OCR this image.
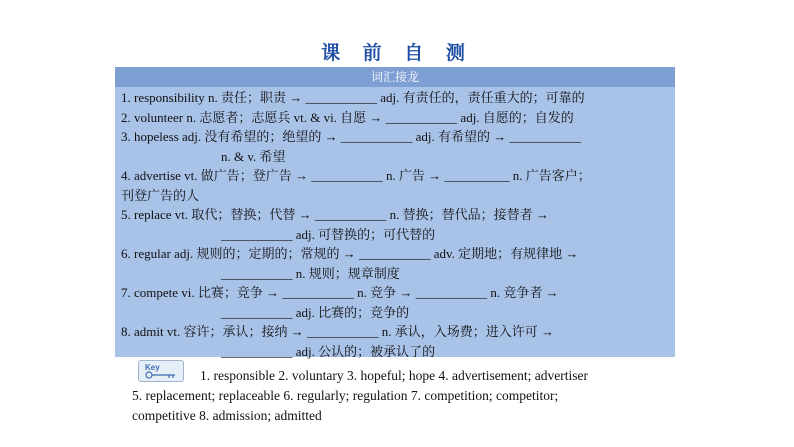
课 前 自 测
词汇接龙
1. responsibility n. 责任；职责 → ___________ adj. 有责任的，责任重大的；可靠的
2. volunteer n. 志愿者；志愿兵 vt. & vi. 自愿 → ___________ adj. 自愿的；自发的
3. hopeless adj. 没有希望的；绝望的 → ___________ adj. 有希望的 → ___________
n. & v. 希望
4. advertise vt. 做广告；登广告 → ___________ n. 广告 → __________ n. 广告客户；
刊登广告的人
5. replace vt. 取代；替换；代替 → ___________ n. 替换；替代品；接替者 →
___________ adj. 可替换的；可代替的
6. regular adj. 规则的；定期的；常规的 → ___________ adv. 定期地；有规律地 →
___________ n. 规则；规章制度
7. compete vi. 比赛；竞争 → ___________ n. 竞争 → ___________ n. 竞争者 →
___________ adj. 比赛的；竞争的
8. admit vt. 容许；承认；接纳 → ___________ n. 承认，入场费；进入许可 →
___________ adj. 公认的；被承认了的
Key
1. responsible 2. voluntary 3. hopeful; hope 4. advertisement; advertiser
5. replacement; replaceable 6. regularly; regulation 7. competition; competitor;
competitive 8. admission; admitted
